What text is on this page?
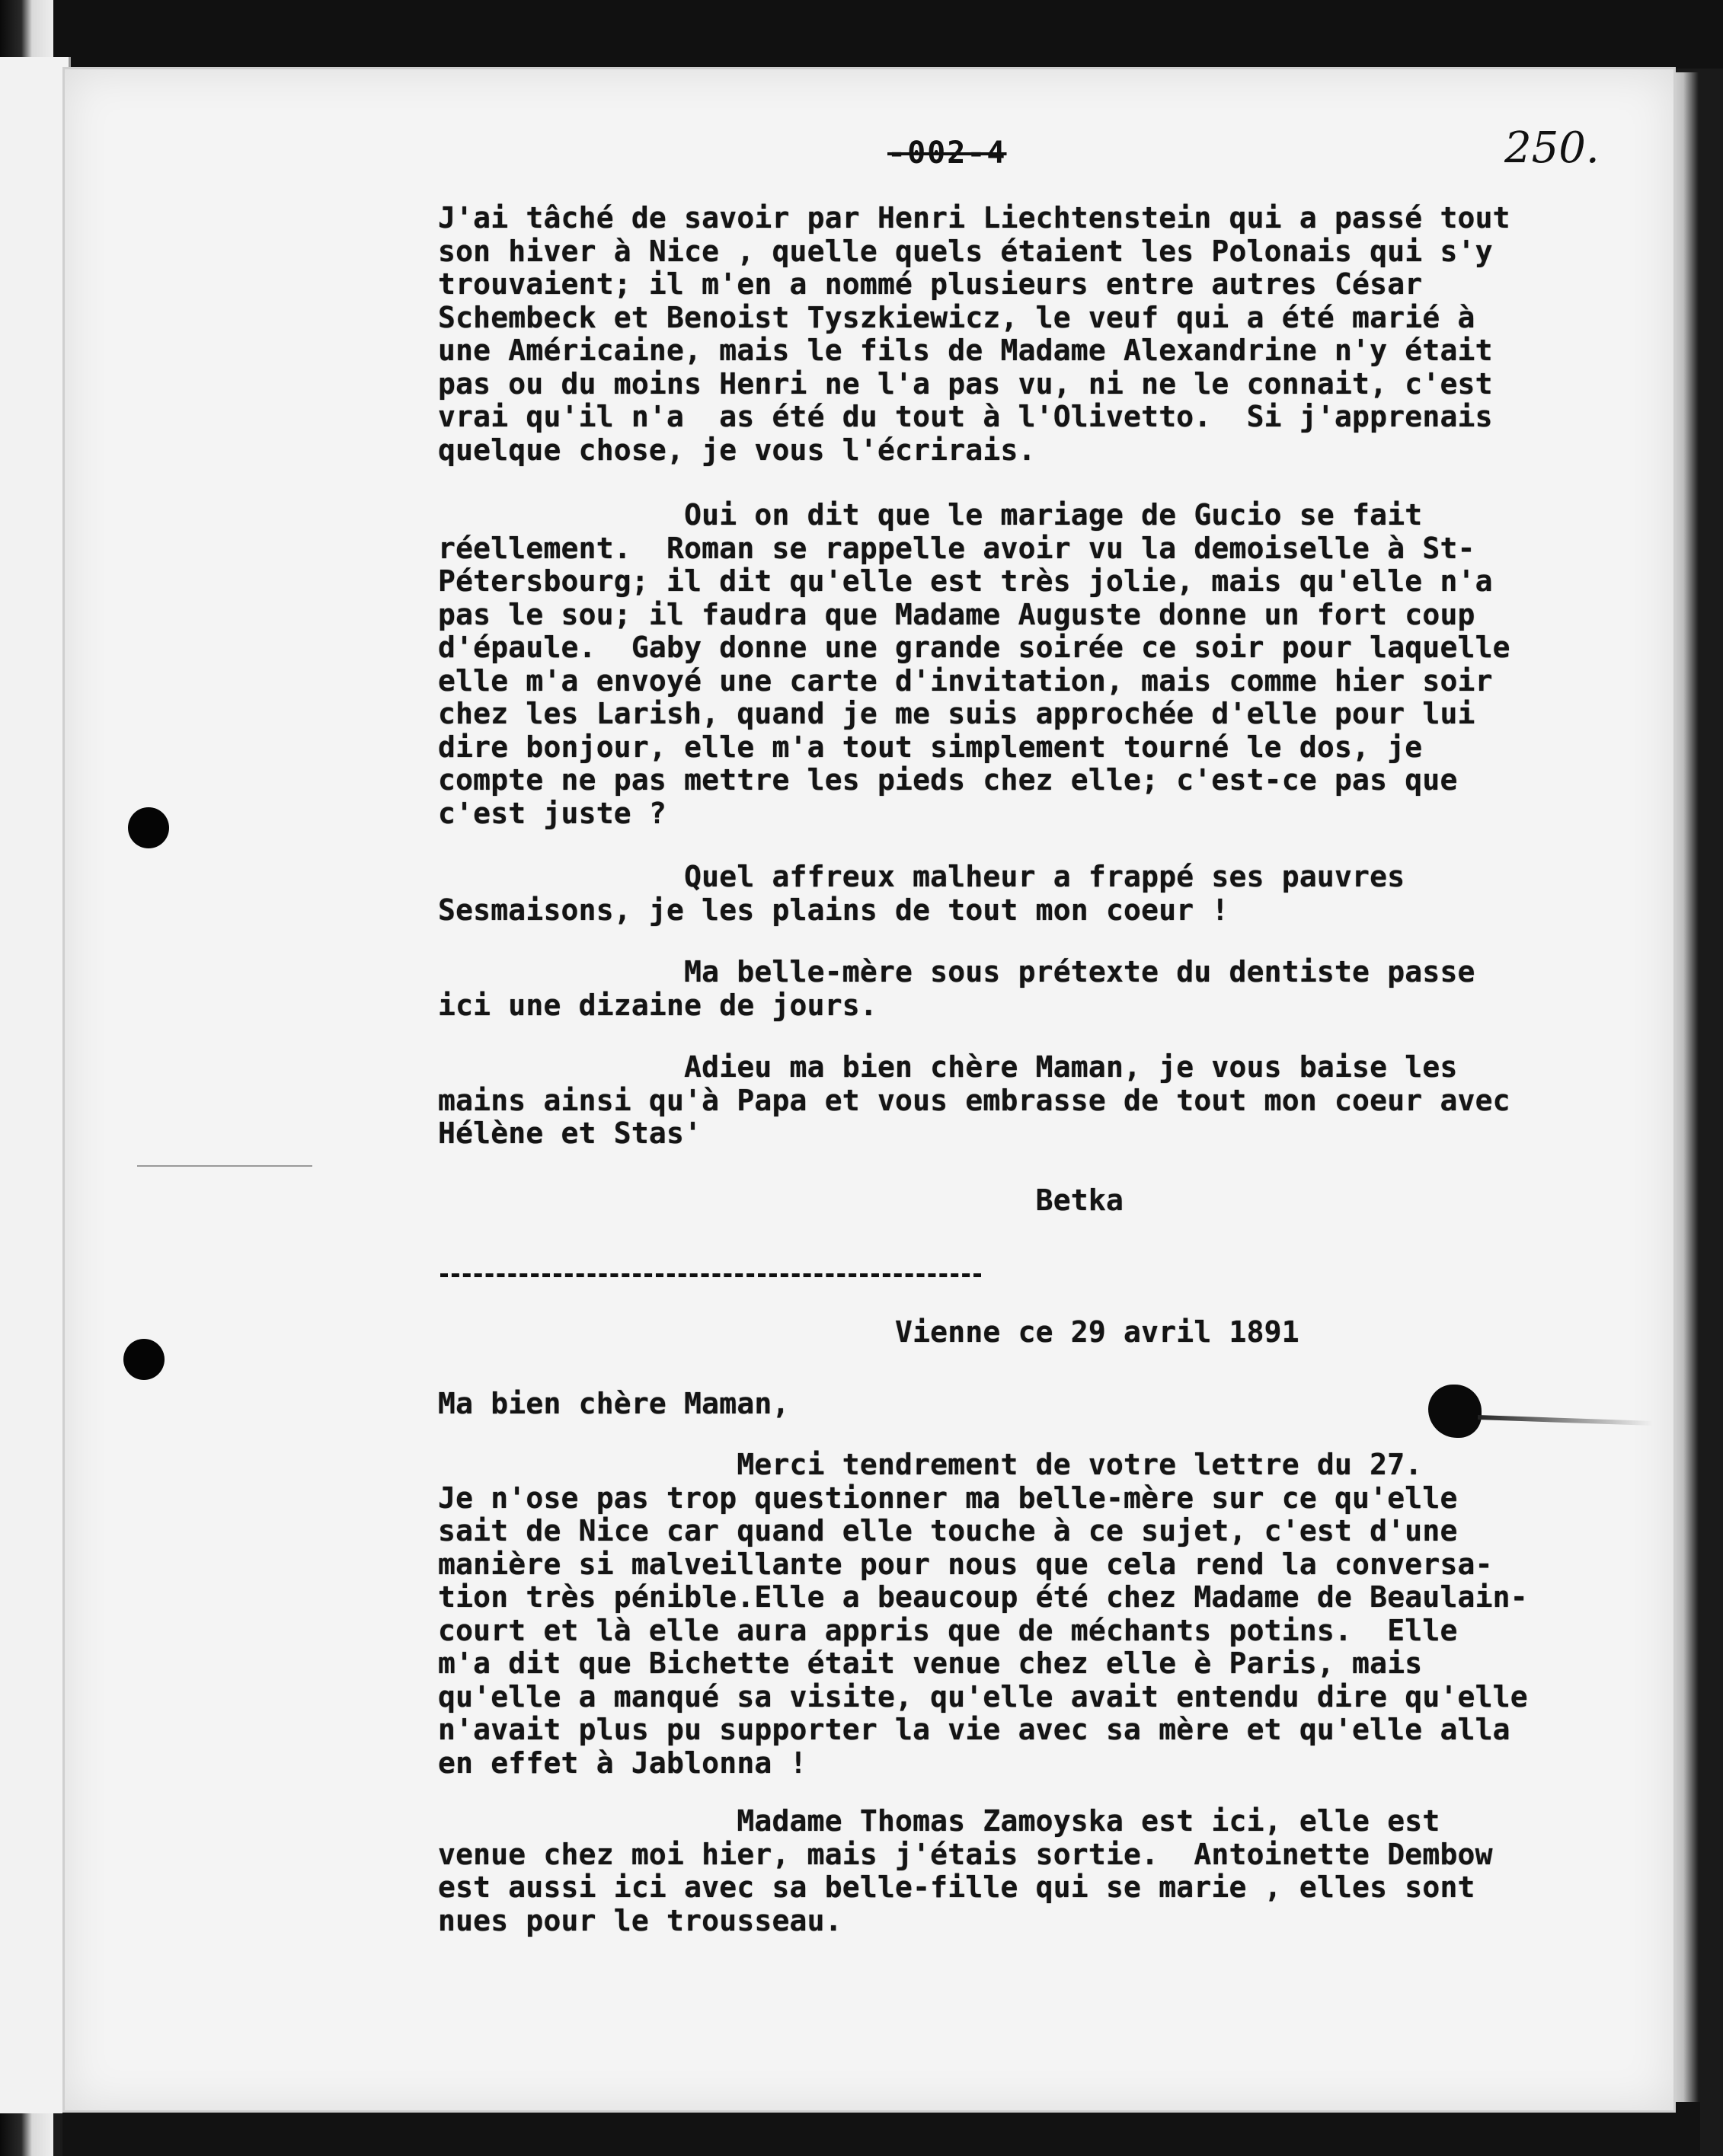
-002-4	250.
J'ai tâché de savoir par Henri Liechtenstein qui a passé tout
son hiver à Nice , quelle quels étaient les Polonais qui s'y
trouvaient; il m'en a nommé plusieurs entre autres César
Schembeck et Benoist Tyszkiewicz, le veuf qui a été marié à
une Américaine, mais le fils de Madame Alexandrine n'y était
pas ou du moins Henri ne l'a pas vu, ni ne le connait, c'est
vrai qu'il n'a  as été du tout à l'Olivetto.  Si j'apprenais
quelque chose, je vous l'écrirais.
Oui on dit que le mariage de Gucio se fait
réellement.  Roman se rappelle avoir vu la demoiselle à St-
Pétersbourg; il dit qu'elle est très jolie, mais qu'elle n'a
pas le sou; il faudra que Madame Auguste donne un fort coup
d'épaule.  Gaby donne une grande soirée ce soir pour laquelle
elle m'a envoyé une carte d'invitation, mais comme hier soir
chez les Larish, quand je me suis approchée d'elle pour lui
dire bonjour, elle m'a tout simplement tourné le dos, je
compte ne pas mettre les pieds chez elle; c'est-ce pas que
c'est juste ?
Quel affreux malheur a frappé ses pauvres
Sesmaisons, je les plains de tout mon coeur !
Ma belle-mère sous prétexte du dentiste passe
ici une dizaine de jours.
Adieu ma bien chère Maman, je vous baise les
mains ainsi qu'à Papa et vous embrasse de tout mon coeur avec
Hélène et Stas'
Betka
Vienne ce 29 avril 1891
Ma bien chère Maman,
Merci tendrement de votre lettre du 27.
Je n'ose pas trop questionner ma belle-mère sur ce qu'elle
sait de Nice car quand elle touche à ce sujet, c'est d'une
manière si malveillante pour nous que cela rend la conversa-
tion très pénible.Elle a beaucoup été chez Madame de Beaulain-
court et là elle aura appris que de méchants potins.  Elle
m'a dit que Bichette était venue chez elle è Paris, mais
qu'elle a manqué sa visite, qu'elle avait entendu dire qu'elle
n'avait plus pu supporter la vie avec sa mère et qu'elle alla
en effet à Jablonna !
Madame Thomas Zamoyska est ici, elle est
venue chez moi hier, mais j'étais sortie.  Antoinette Dembow
est aussi ici avec sa belle-fille qui se marie , elles sont
nues pour le trousseau.
